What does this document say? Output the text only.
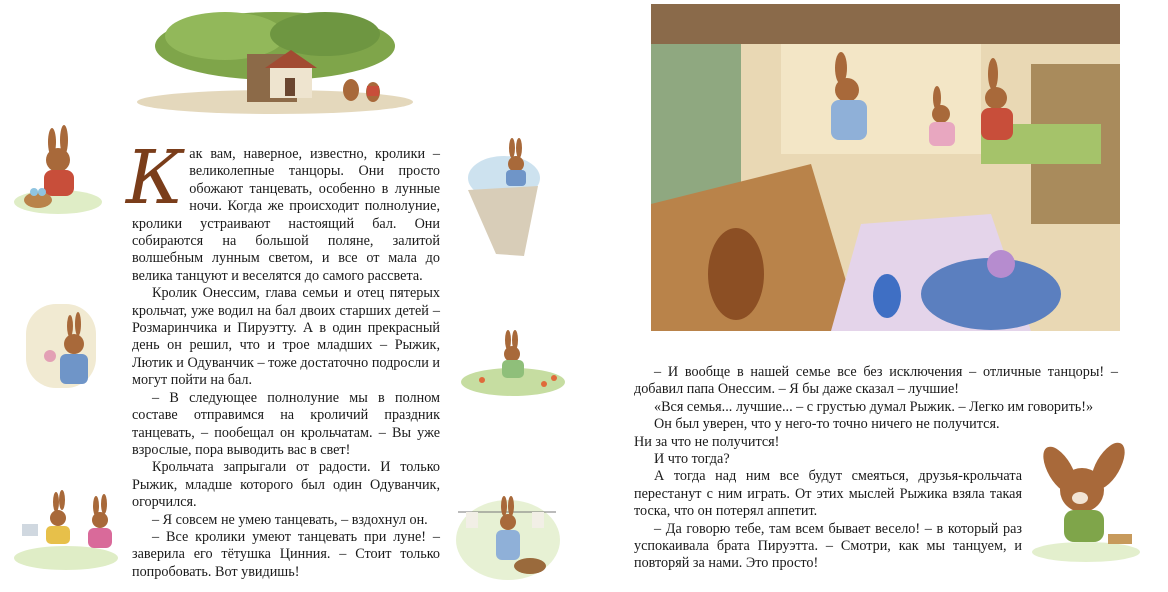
Как вам, наверное, известно, кролики – великолепные танцоры. Они просто обожают танцевать, особенно в лунные ночи. Когда же происходит полнолуние, кролики устраивают настоящий бал. Они собираются на большой поляне, залитой волшебным лунным светом, и все от мала до велика танцуют и веселятся до самого рассвета.

Кролик Онессим, глава семьи и отец пятерых крольчат, уже водил на бал двоих старших детей – Розмаринчика и Пируэтту. А в один прекрасный день он решил, что и трое младших – Рыжик, Лютик и Одуванчик – тоже достаточно подросли и могут пойти на бал.

– В следующее полнолуние мы в полном составе отправимся на кроличий праздник танцевать, – пообещал он крольчатам. – Вы уже взрослые, пора выводить вас в свет!

Крольчата запрыгали от радости. И только Рыжик, младше которого был один Одуванчик, огорчился.

– Я совсем не умею танцевать, – вздохнул он.

– Все кролики умеют танцевать при луне! – заверила его тётушка Цинния. – Стоит только попробовать. Вот увидишь!

– И вообще в нашей семье все без исключения – отличные танцоры! – добавил папа Онессим. – Я бы даже сказал – лучшие!

«Вся семья... лучшие... – с грустью думал Рыжик. – Легко им говорить!»

Он был уверен, что у него-то точно ничего не получится.

Ни за что не получится!

И что тогда?

А тогда над ним все будут смеяться, друзья-крольчата перестанут с ним играть. От этих мыслей Рыжика взяла такая тоска, что он потерял аппетит.

– Да говорю тебе, там всем бывает весело! – в который раз успокаивала брата Пируэтта. – Смотри, как мы танцуем, и повторяй за нами. Это просто!
